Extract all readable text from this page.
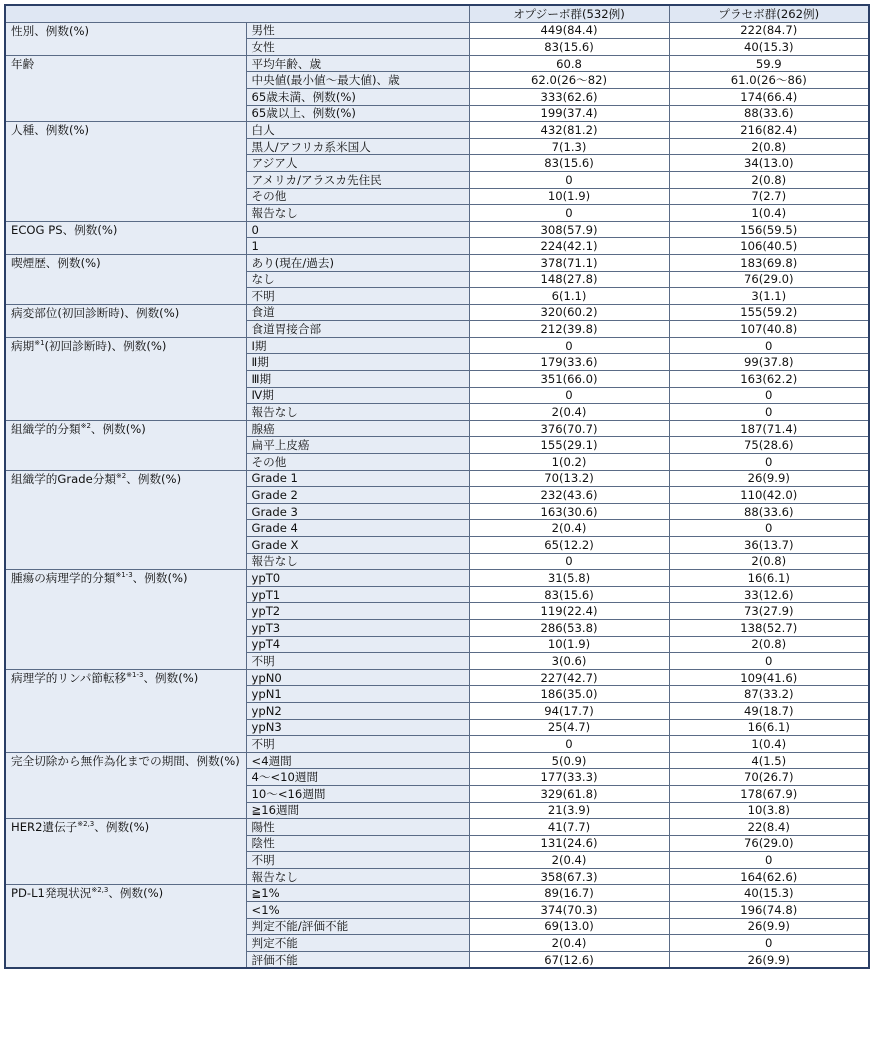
		オプジーボ群(532例)	プラセボ群(262例)
性別、例数(%)	男性	449(84.4)	222(84.7)
	女性	83(15.6)	40(15.3)
年齢	平均年齢、歳	60.8	59.9
	中央値(最小値〜最大値)、歳	62.0(26〜82)	61.0(26〜86)
	65歳未満、例数(%)	333(62.6)	174(66.4)
	65歳以上、例数(%)	199(37.4)	88(33.6)
人種、例数(%)	白人	432(81.2)	216(82.4)
	黒人/アフリカ系米国人	7(1.3)	2(0.8)
	アジア人	83(15.6)	34(13.0)
	アメリカ/アラスカ先住民	0	2(0.8)
	その他	10(1.9)	7(2.7)
	報告なし	0	1(0.4)
ECOG PS、例数(%)	0	308(57.9)	156(59.5)
	1	224(42.1)	106(40.5)
喫煙歴、例数(%)	あり(現在/過去)	378(71.1)	183(69.8)
	なし	148(27.8)	76(29.0)
	不明	6(1.1)	3(1.1)
病変部位(初回診断時)、例数(%)	食道	320(60.2)	155(59.2)
	食道胃接合部	212(39.8)	107(40.8)
病期$^{※1}$(初回診断時)、例数(%)	Ⅰ期	0	0
	Ⅱ期	179(33.6)	99(37.8)
	Ⅲ期	351(66.0)	163(62.2)
	Ⅳ期	0	0
	報告なし	2(0.4)	0
組織学的分類$^{※2}$、例数(%)	腺癌	376(70.7)	187(71.4)
	扁平上皮癌	155(29.1)	75(28.6)
	その他	1(0.2)	0
組織学的Grade分類$^{※2}$、例数(%)	Grade 1	70(13.2)	26(9.9)
	Grade 2	232(43.6)	110(42.0)
	Grade 3	163(30.6)	88(33.6)
	Grade 4	2(0.4)	0
	Grade X	65(12.2)	36(13.7)
	報告なし	0	2(0.8)
腫瘍の病理学的分類$^{※1-3}$、例数(%)	ypT0	31(5.8)	16(6.1)
	ypT1	83(15.6)	33(12.6)
	ypT2	119(22.4)	73(27.9)
	ypT3	286(53.8)	138(52.7)
	ypT4	10(1.9)	2(0.8)
	不明	3(0.6)	0
病理学的リンパ節転移$^{※1-3}$、例数(%)	ypN0	227(42.7)	109(41.6)
	ypN1	186(35.0)	87(33.2)
	ypN2	94(17.7)	49(18.7)
	ypN3	25(4.7)	16(6.1)
	不明	0	1(0.4)
完全切除から無作為化までの期間、例数(%)	<4週間	5(0.9)	4(1.5)
	4〜<10週間	177(33.3)	70(26.7)
	10〜<16週間	329(61.8)	178(67.9)
	≧16週間	21(3.9)	10(3.8)
HER2遺伝子$^{※2,3}$、例数(%)	陽性	41(7.7)	22(8.4)
	陰性	131(24.6)	76(29.0)
	不明	2(0.4)	0
	報告なし	358(67.3)	164(62.6)
PD-L1発現状況$^{※2,3}$、例数(%)	≧1%	89(16.7)	40(15.3)
	<1%	374(70.3)	196(74.8)
	判定不能/評価不能	69(13.0)	26(9.9)
	判定不能	2(0.4)	0
	評価不能	67(12.6)	26(9.9)
